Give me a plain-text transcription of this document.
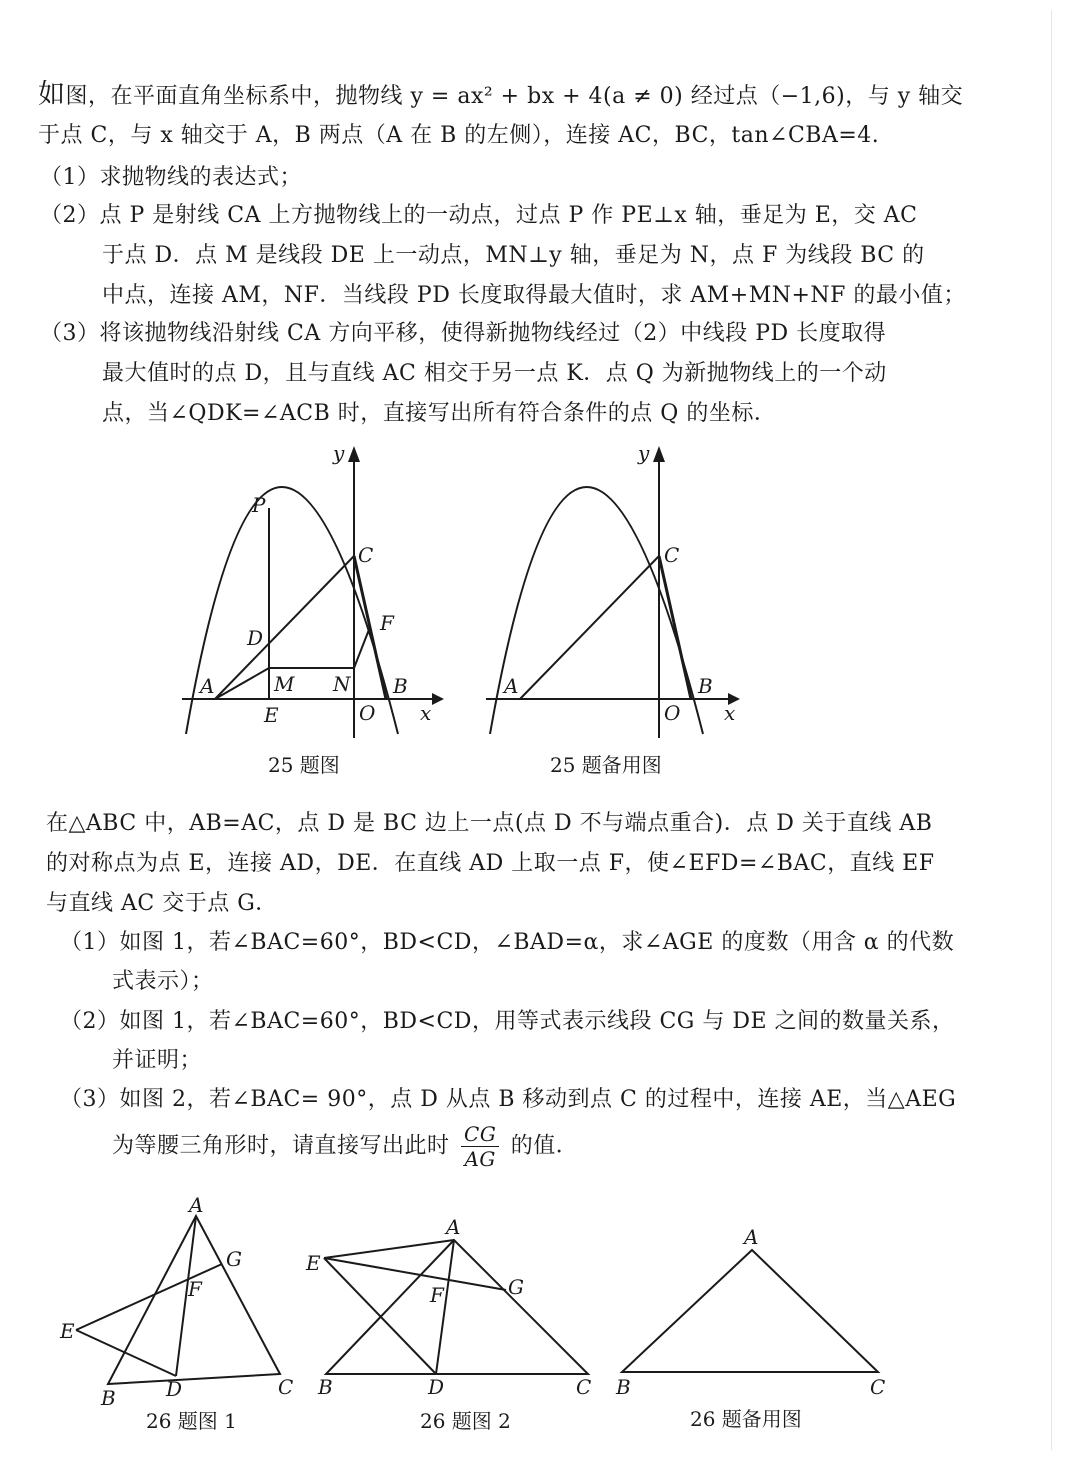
如图，在平面直角坐标系中，抛物线 y = ax² + bx + 4(a ≠ 0) 经过点（−1,6)，与 y 轴交
于点 C，与 x 轴交于 A，B 两点（A 在 B 的左侧），连接 AC，BC，tan∠CBA=4.
（1）求抛物线的表达式；
（2）点 P 是射线 CA 上方抛物线上的一动点，过点 P 作 PE⊥x 轴，垂足为 E，交 AC
于点 D．点 M 是线段 DE 上一动点，MN⊥y 轴，垂足为 N，点 F 为线段 BC 的
中点，连接 AM，NF．当线段 PD 长度取得最大值时，求 AM+MN+NF 的最小值；
（3）将该抛物线沿射线 CA 方向平移，使得新抛物线经过（2）中线段 PD 长度取得
最大值时的点 D，且与直线 AC 相交于另一点 K．点 Q 为新抛物线上的一个动
点，当∠QDK=∠ACB 时，直接写出所有符合条件的点 Q 的坐标．
y
P
C
F
D
A	M N B
E	O x
25 题图
y
C
A	B
O x
25 题备用图
在△ABC 中，AB=AC，点 D 是 BC 边上一点(点 D 不与端点重合)．点 D 关于直线 AB
的对称点为点 E，连接 AD，DE．在直线 AD 上取一点 F，使∠EFD=∠BAC，直线 EF
与直线 AC 交于点 G．
（1）如图 1，若∠BAC=60°，BD<CD，∠BAD=α，求∠AGE 的度数（用含 α 的代数
式表示）；
（2）如图 1，若∠BAC=60°，BD<CD，用等式表示线段 CG 与 DE 之间的数量关系，
并证明；
（3）如图 2，若∠BAC= 90°，点 D 从点 B 移动到点 C 的过程中，连接 AE，当△AEG
为等腰三角形时，请直接写出此时 $\frac{CG}{AG}$ 的值．
A
G
F
E
B	D	C
26 题图 1
A
E
F	G
B	D	C
26 题图 2
A
B	C
26 题备用图
